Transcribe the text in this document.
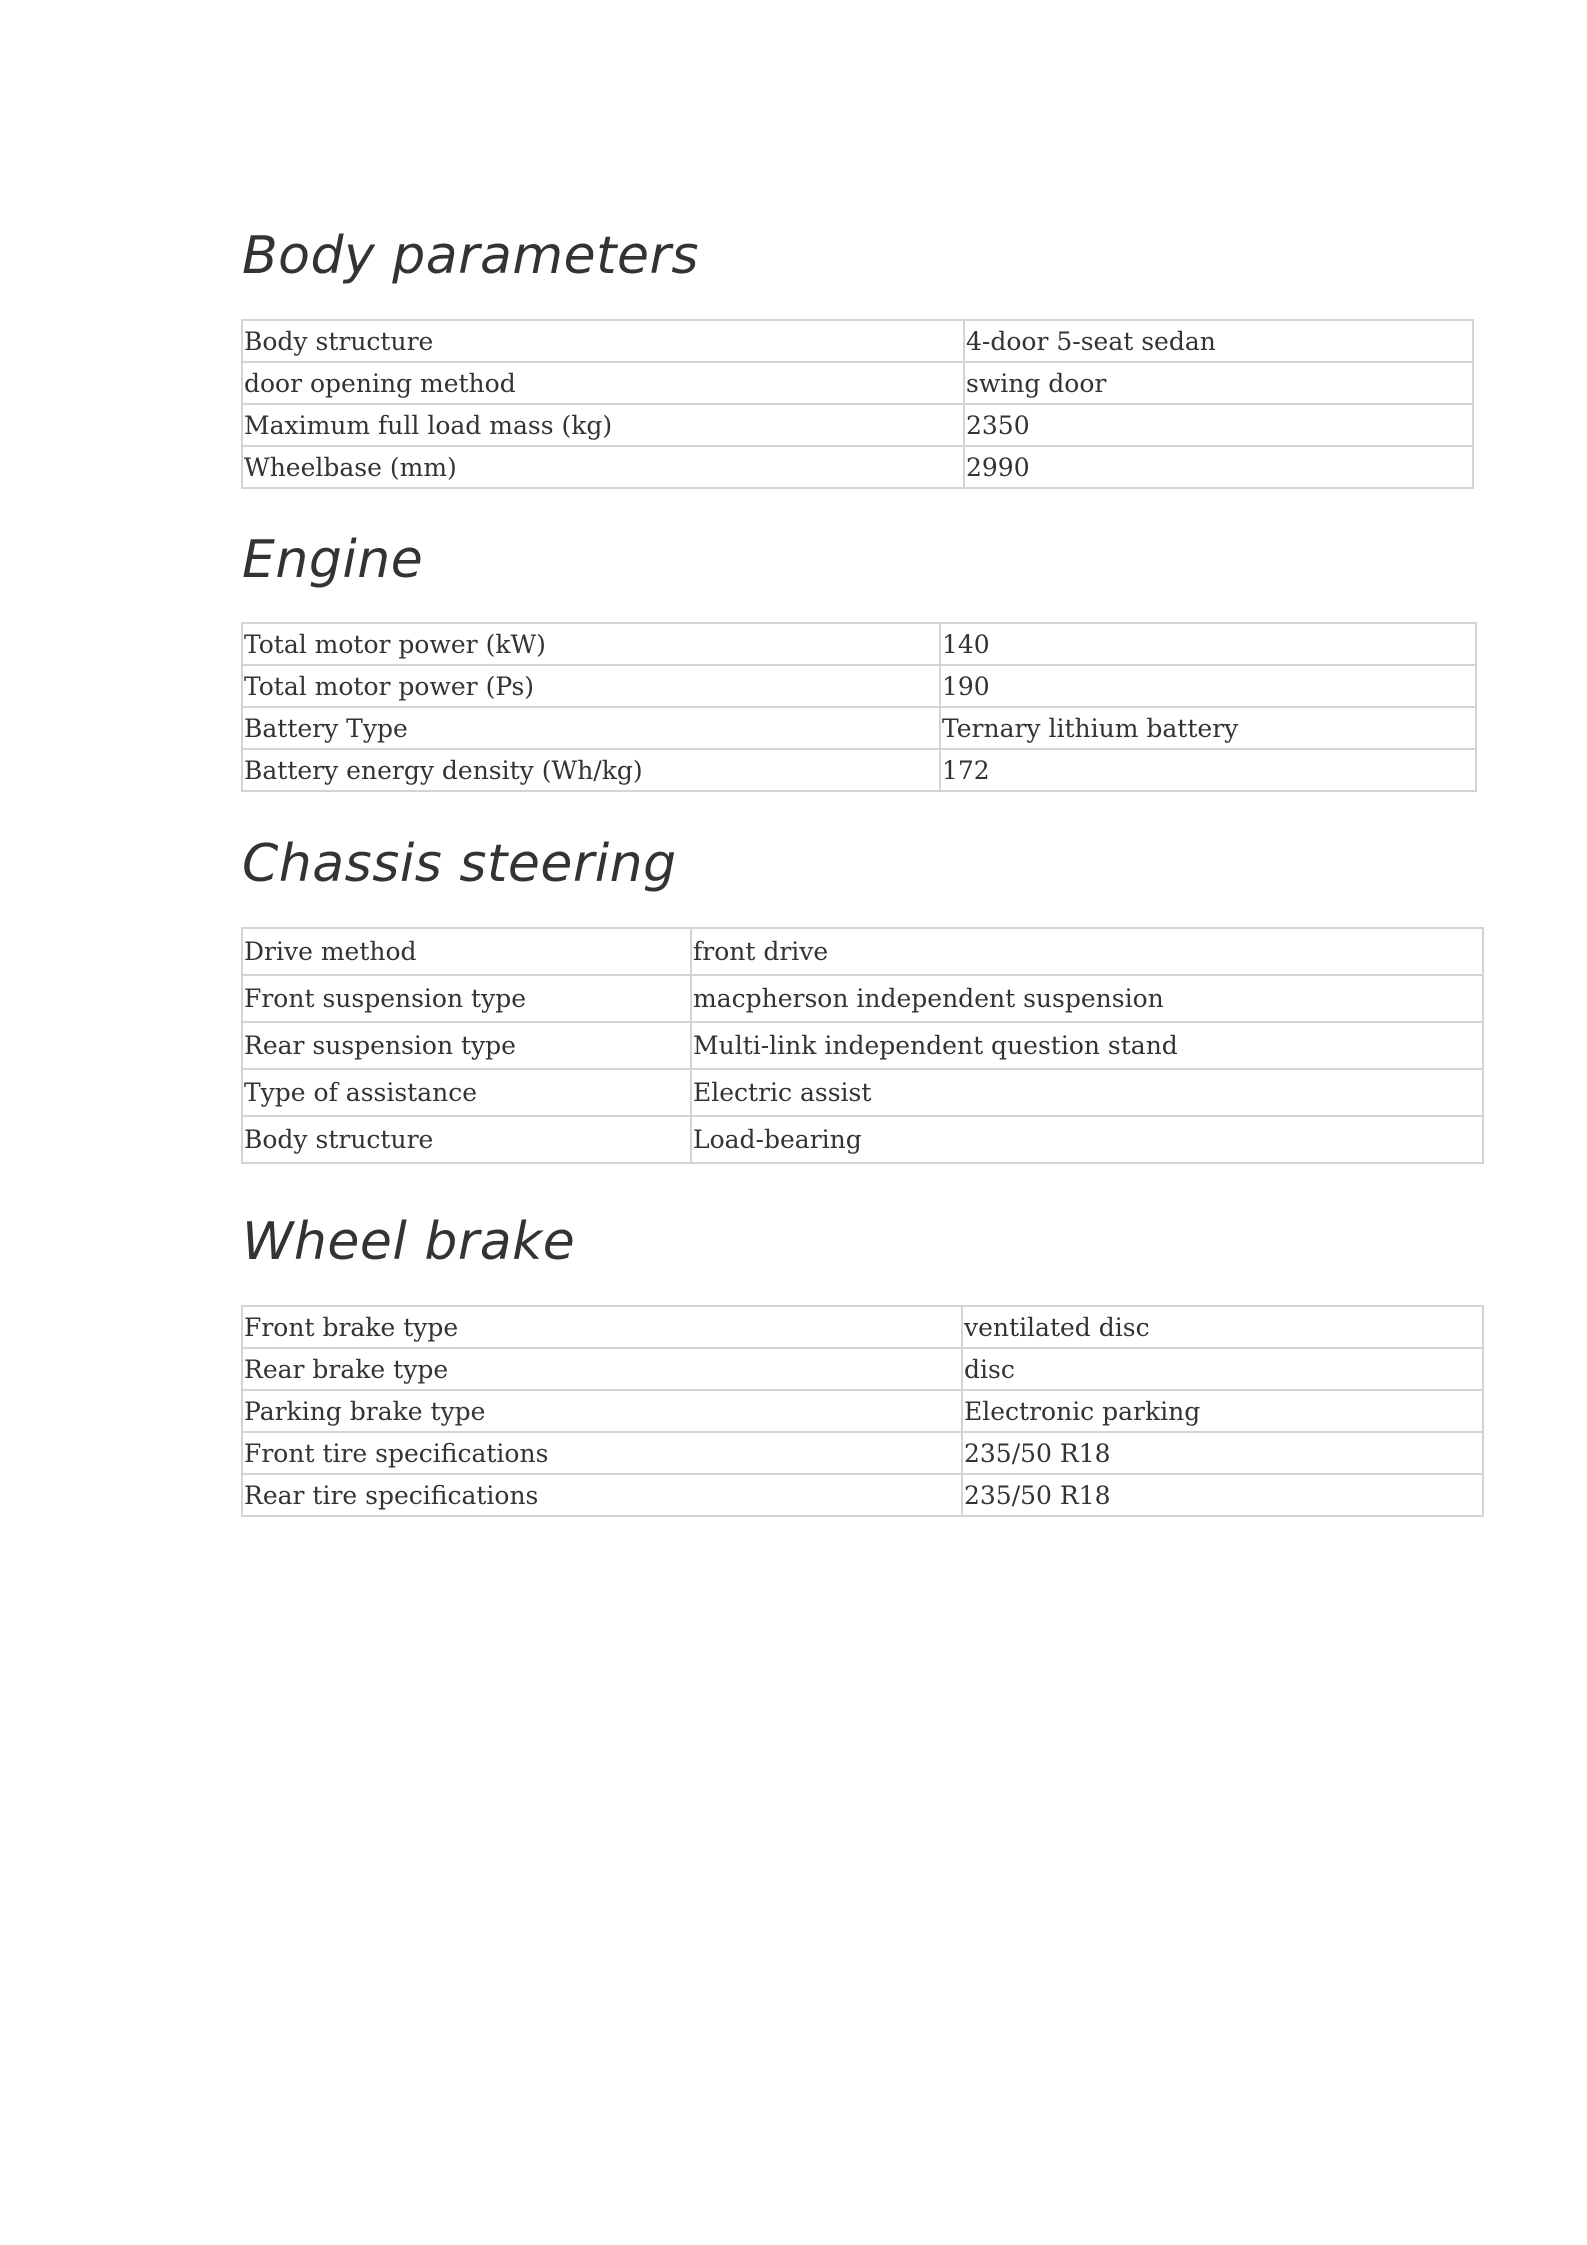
Body parameters
Body structure	4-door 5-seat sedan
door opening method	swing door
Maximum full load mass (kg)	2350
Wheelbase (mm)	2990
Engine
Total motor power (kW)	140
Total motor power (Ps)	190
Battery Type	Ternary lithium battery
Battery energy density (Wh/kg)	172
Chassis steering
Drive method	front drive
Front suspension type	macpherson independent suspension
Rear suspension type	Multi-link independent question stand
Type of assistance	Electric assist
Body structure	Load-bearing
Wheel brake
Front brake type	ventilated disc
Rear brake type	disc
Parking brake type	Electronic parking
Front tire specifications	235/50 R18
Rear tire specifications	235/50 R18
